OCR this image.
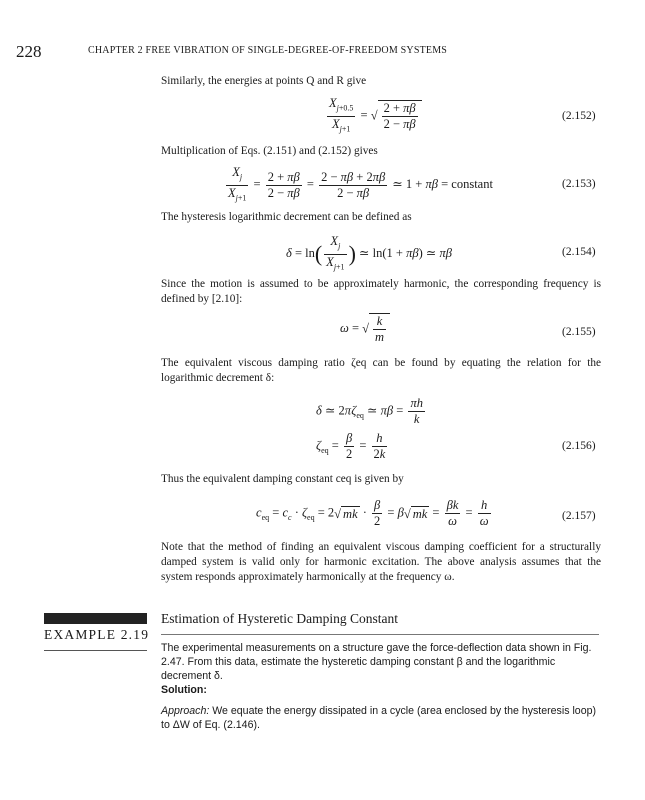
228	CHAPTER 2 FREE VIBRATION OF SINGLE-DEGREE-OF-FREEDOM SYSTEMS
Similarly, the energies at points Q and R give
$\frac{X_{j+0.5}}{X_{j+1}}$ = √ $\frac{2 + \pi\beta}{2 - \pi\beta}$	(2.152)
Multiplication of Eqs. (2.151) and (2.152) gives
$\frac{X_j}{X_{j+1}} = \frac{2 + \pi\beta}{2 - \pi\beta} = \frac{2 - \pi\beta + 2\pi\beta}{2 - \pi\beta}$ ≃ 1 + πβ = constant	(2.153)
The hysteresis logarithmic decrement can be defined as
$\delta = \ln( \frac{X_j}{X_{j+1}}$ ) ≃ ln(1 + πβ) ≃ πβ	(2.154)
Since the motion is assumed to be approximately harmonic, the corresponding frequency is defined by [2.10]:
ω = √ $\frac{k}{m}$	(2.155)
The equivalent viscous damping ratio ζeq can be found by equating the relation for the logarithmic decrement δ:
δ ≃ $2\pi\zeta_{eq}$ ≃ $\pi\beta = \frac{\pi h}{k}$
$\zeta_{eq} = \frac{\beta}{2} = \frac{h}{2k}$	(2.156)
Thus the equivalent damping constant ceq is given by
$c_{eq} = c_c \cdot \zeta_{eq} = 2√$ mk · $\frac{\beta}{2} = \beta√$ mk = $\frac{\beta k}{\omega} = \frac{h}{\omega}$	(2.157)
Note that the method of finding an equivalent viscous damping coefficient for a structurally damped system is valid only for harmonic excitation. The above analysis assumes that the system responds approximately harmonically at the frequency ω.
EXAMPLE 2.19
Estimation of Hysteretic Damping Constant
The experimental measurements on a structure gave the force-deflection data shown in Fig. 2.47. From this data, estimate the hysteretic damping constant β and the logarithmic decrement δ.
Solution:
Approach: We equate the energy dissipated in a cycle (area enclosed by the hysteresis loop) to ΔW of Eq. (2.146).
